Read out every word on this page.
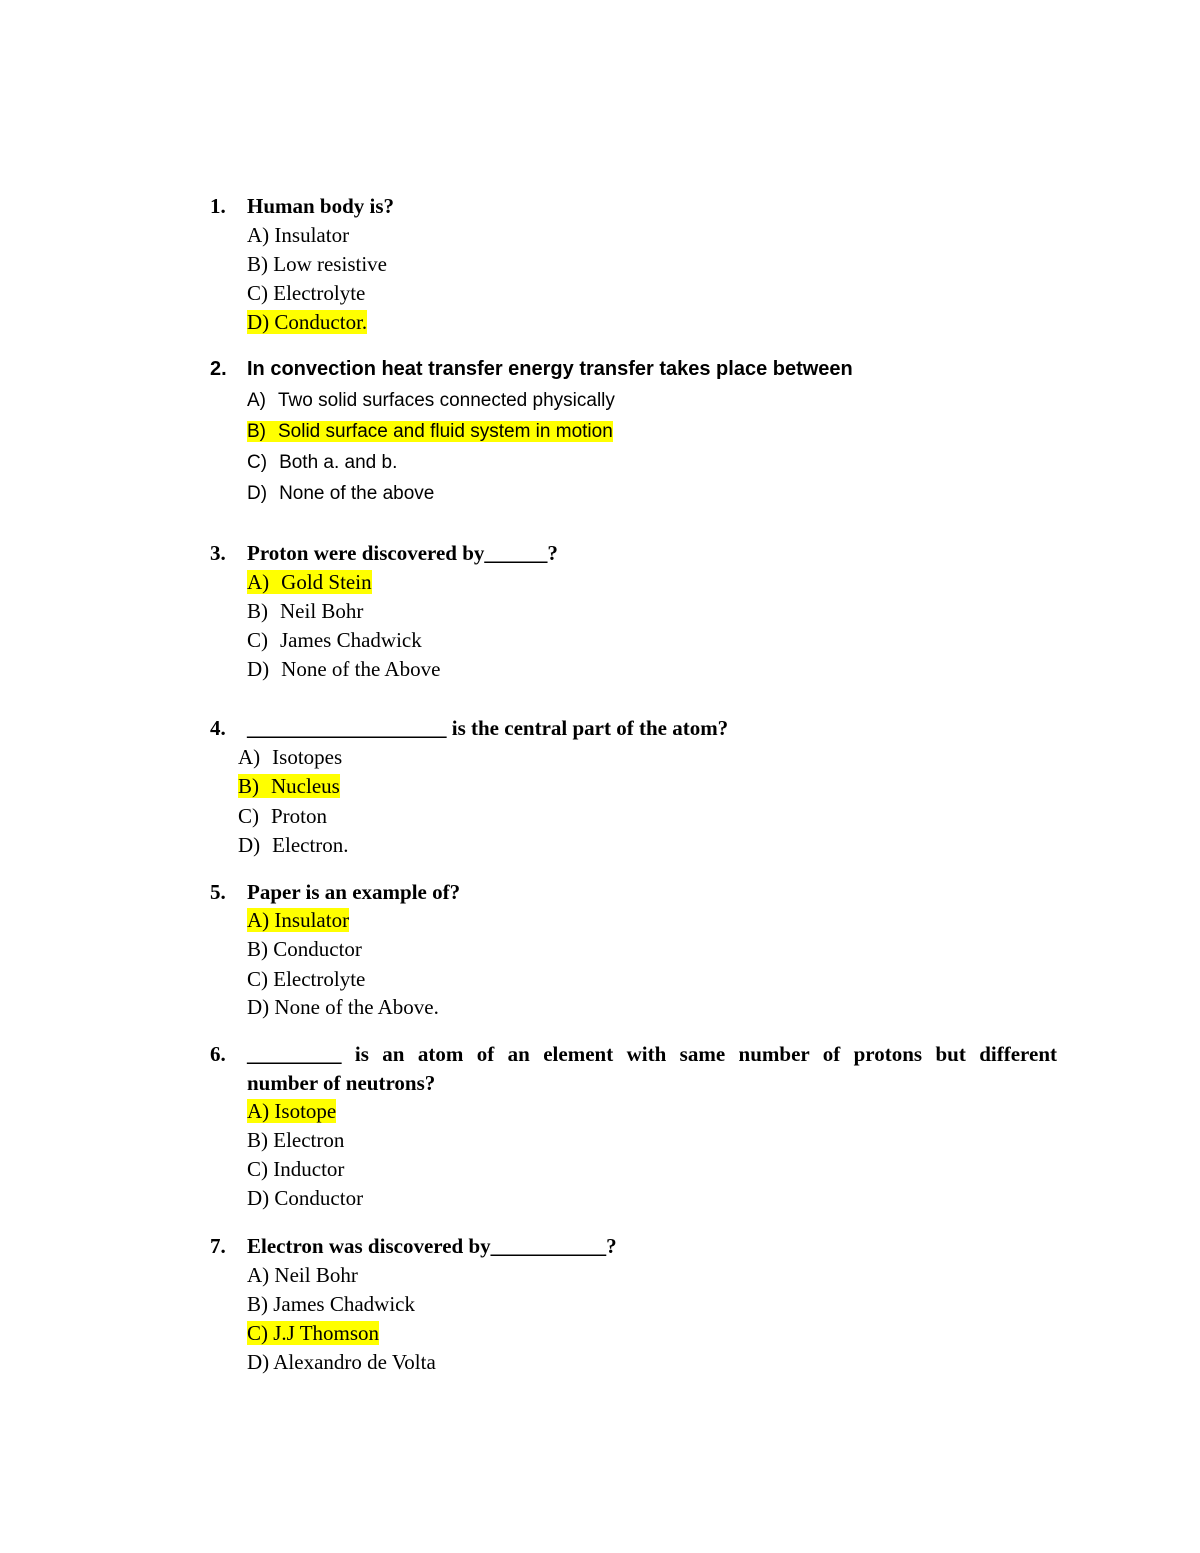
1. Human body is?
A) Insulator
B) Low resistive
C) Electrolyte
D) Conductor.
2. In convection heat transfer energy transfer takes place between
A) Two solid surfaces connected physically
B) Solid surface and fluid system in motion
C) Both a. and b.
D) None of the above
3. Proton were discovered by______?
A) Gold Stein
B) Neil Bohr
C) James Chadwick
D) None of the Above
4. ___________________ is the central part of the atom?
A) Isotopes
B) Nucleus
C) Proton
D) Electron.
5. Paper is an example of?
A) Insulator
B) Conductor
C) Electrolyte
D) None of the Above.
6. _________ is an atom of an element with same number of protons but different
number of neutrons?
A) Isotope
B) Electron
C) Inductor
D) Conductor
7. Electron was discovered by___________?
A) Neil Bohr
B) James Chadwick
C) J.J Thomson
D) Alexandro de Volta
